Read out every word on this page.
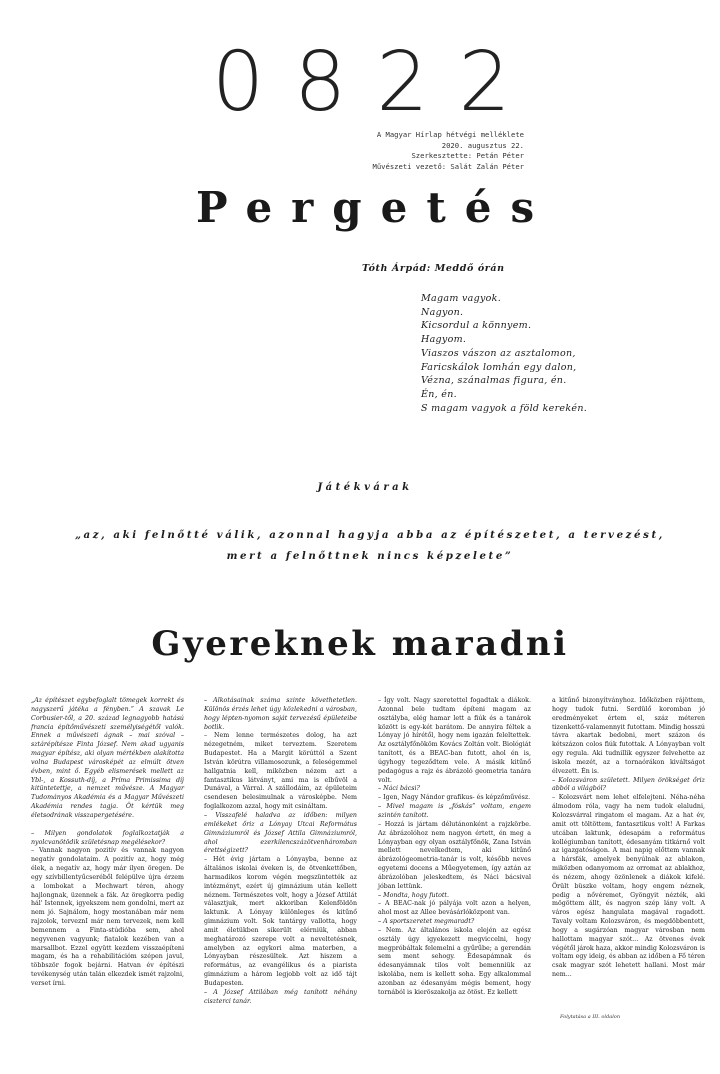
0822
A Magyar Hírlap hétvégi melléklete
2020. augusztus 22.
Szerkesztette: Petán Péter
Művészeti vezető: Salát Zalán Péter
Pergetés
Tóth Árpád: Meddő órán
Magam vagyok.
Nagyon.
Kicsordul a könnyem.
Hagyom.
Viaszos vászon az asztalomon,
Faricskálok lomhán egy dalon,
Vézna, szánalmas figura, én.
Én, én.
S magam vagyok a föld kerekén.
Játékvárak
„az, aki felnőtté válik, azonnal hagyja abba az építészetet, a tervezést,
mert a felnőttnek nincs képzelete”
Gyereknek maradni

„Az építészet egybefoglalt tömegek korrekt és nagyszerű játéka a fényben.” A szavak Le Corbusier-től, a 20. század legnagyobb hatású francia építőművészeti személyiségétől valók. Ennek a művészeti ágnak – mai szóval – sztárépítésze Finta József. Nem akad ugyanis magyar építész, aki olyan mértékben alakította volna Budapest városképét az elmúlt ötven évben, mint ő. Egyéb elismerések mellett az Ybl-, a Kossuth-díj, a Príma Primissima díj kitüntetettje, a nemzet művésze. A Magyar Tudományos Akadémia és a Magyar Művészeti Akadémia rendes tagja. Öt kértük meg életsodrának visszapergetésére.

– Milyen gondolatok foglalkoztatják a nyolcvanötödik születésnap megélésekor?

– Vannak nagyon pozitív és vannak nagyon negatív gondolataim. A pozitív az, hogy még élek, a negatív az, hogy már ilyen öregen. De egy szívbillentyűcseréből felépülve újra érzem a lombokat a Mechwart téren, ahogy hajlongnak, üzennek a fák. Az öregkorra pedig hál' Istennek, igyekszem nem gondolni, mert az nem jó. Sajnálom, hogy mostanában már nem rajzolok, terveznI már nem tervezek, nem kell bemennem a Finta-stúdióba sem, ahol negyvenen vagyunk; fiatalok kezében van a marsallbot. Ezzel együtt kezdem visszaépíteni magam, és ha a rehabilitációm szépen javul, többször fogok bejárni. Hatvan év építészi tevékenység után talán elkezdek ismét rajzolni, verset írni.

– Alkotásainak száma szinte követhetetlen. Különös érzés lehet úgy közlekedni a városban, hogy lépten-nyomon saját tervezésű épületeibe botlik.

– Nem lenne természetes dolog, ha azt nézegetném, miket terveztem. Szeretem Budapestet. Ha a Margit körúttól a Szent István körútra villamosozunk, a feleségemmel hallgatnia kell, miközben nézem azt a fantasztikus látványt, ami ma is elbűvöl a Dunával, a Várral. A szállodáim, az épületeim csendesen belesimulnak a városképbe. Nem foglalkozom azzal, hogy mit csináltam.

– Visszafelé haladva az időben: milyen emlékeket őriz a Lónyay Utcai Református Gimnáziumról és József Attila Gimnáziumról, ahol ezerkilencszázötvenháromban érettségizett?

– Hét évig jártam a Lónyayba, benne az általános iskolai éveken is, de ötvenkettőben, harmadikos korom végén megszüntették az intézményt, ezért új gimnázium után kellett néznem. Természetes volt, hogy a József Attilát választjuk, mert akkoriban Kelenföldön laktunk. A Lónyay különleges és kitűnő gimnázium volt. Sok tantárgy vallotta, hogy amit életükben sikerült elérniük, abban meghatározó szerepe volt a neveltetésnek, amelyben az egykori alma materben, a Lónyayban részesültek. Azt hiszem a református, az evangélikus és a piarista gimnázium a három legjobb volt az idő tájt Budapesten.

– A József Attilában még tanított néhány ciszterci tanár.

– Így volt. Nagy szeretettel fogadtak a diákok. Azonnal bele tudtam építeni magam az osztályba, elég hamar lett a fiúk és a tanárok között is egy-két barátom. De annyira féltek a Lónyay jó hírétől, hogy nem igazán feleltettek. Az osztályfőnököm Kovács Zoltán volt. Biológiát tanított, és a BEAC-ban futott, ahol én is, úgyhogy tegeződtem vele. A másik kitűnő pedagógus a rajz és ábrázoló geometria tanára volt.

– Náci bácsi?

– Igen, Nagy Nándor grafikus- és képzőművész.

– Mivel magam is „fóskás” voltam, engem szintén tanított.

– Hozzá is jártam délutánonként a rajzkörbe. Az ábrázolóhoz nem nagyon értett, én meg a Lónyayban egy olyan osztályfőnök, Zana István mellett nevelkedtem, aki kitűnő ábrázológeometria-tanár is volt, később neves egyetemi docens a Műegyetemen, így aztán az ábrázolóban jeleskedtem, és Náci bácsival jóban lettünk.

– Mondta, hogy futott.

– A BEAC-nak jó pályája volt azon a helyen, ahol most az Allee bevásárlóközpont van.

– A sportszeretet megmaradt?

– Nem. Az általános iskola elején az egész osztály úgy igyekezett megviccelni, hogy megpróbáltak felemelni a gyűrűbe; a gerendán sem ment sehogy. Édesapámnak és édesanyámnak tilos volt bemenniük az iskolába, nem is kellett soha. Egy alkalommal azonban az édesanyám mégis bement, hogy tornából is kieröszakolja az ötöst. Ez kellett

a kitűnő bizonyítványhoz. Időközben rájöttem, hogy tudok futni. Serdülő koromban jó eredményeket értem el, száz méteren tizenkettő-valamennyit futottam. Mindig hosszú távra akartak bedobni, mert százon és kétszázon colos fiúk futottak. A Lónyayban volt egy regula. Aki tudnillik egyszer felvehette az iskola mezét, az a tornaórákon kiváltságot élvezett. Én is.

– Kolozsváron született. Milyen örökséget őriz abból a világból?

– Kolozsvárt nem lehet elfelejteni. Néha-néha álmodom róla, vagy ha nem tudok elaludni, Kolozsvárral ringatom el magam. Az a hat év, amit ott töltöttem, fantasztikus volt! A Farkas utcában laktunk, édesapám a református kollégiumban tanított, édesanyám titkárnő volt az igazgatóságon. A mai napig előttem vannak a hársfák, amelyek benyúlnak az ablakon, miközben odanyomom az orromat az ablakhoz, és nézem, ahogy özönlenek a diákok kifelé. Örült büszke voltam, hogy engem néznek, pedig a nővéremet, Gyöngyit nézték, aki mögöttem állt, és nagyon szép lány volt. A város egész hangulata magával ragadott. Tavaly voltam Kolozsváron, és megdöbbentett, hogy a sugárzóan magyar városban nem hallottam magyar szót... Az ötvenes évek végétől járok haza, akkor mindig Kolozsváron is voltam egy ideig, és abban az időben a Fő téren csak magyar szót lehetett hallani. Most már nem...

Folytatása a III. oldalon
